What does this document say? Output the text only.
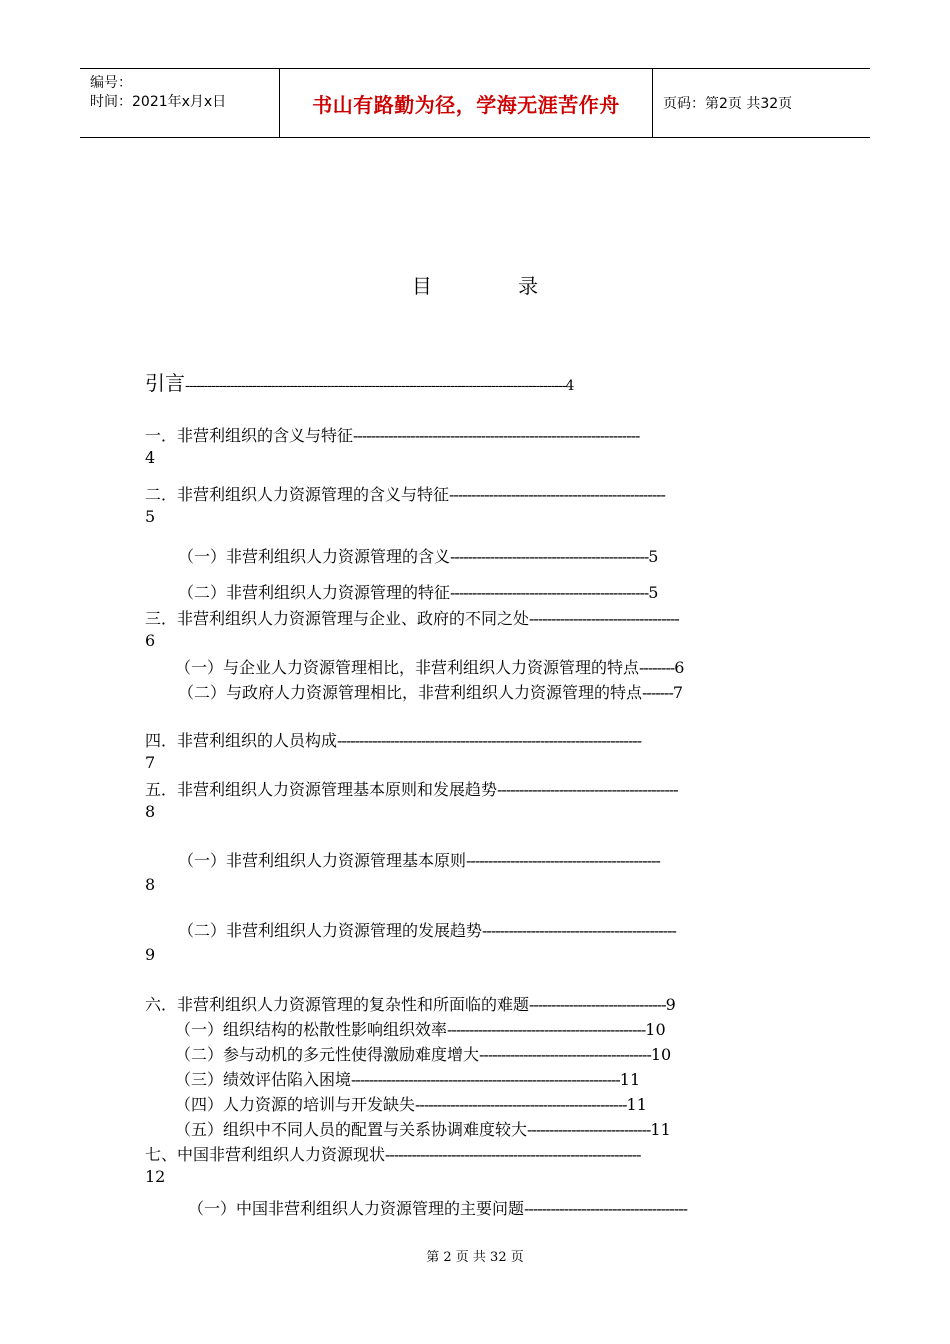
编号：
时间：2021年x月x日	书山有路勤为径，学海无涯苦作舟	页码：第2页 共32页
目 录
引言------------------------------------------------------------------------------------------------------4
一．非营利组织的含义与特征-----------------------------------------------------------------
4
二．非营利组织人力资源管理的含义与特征-------------------------------------------------
5
（一）非营利组织人力资源管理的含义---------------------------------------------5
（二）非营利组织人力资源管理的特征---------------------------------------------5
三．非营利组织人力资源管理与企业、政府的不同之处----------------------------------
6
（一）与企业人力资源管理相比，非营利组织人力资源管理的特点--------6
（二）与政府人力资源管理相比，非营利组织人力资源管理的特点-------7
四．非营利组织的人员构成---------------------------------------------------------------------
7
五．非营利组织人力资源管理基本原则和发展趋势-----------------------------------------
8
（一）非营利组织人力资源管理基本原则--------------------------------------------
8
（二）非营利组织人力资源管理的发展趋势--------------------------------------------
9
六．非营利组织人力资源管理的复杂性和所面临的难题-------------------------------9
（一）组织结构的松散性影响组织效率---------------------------------------------10
（二）参与动机的多元性使得激励难度增大---------------------------------------10
（三）绩效评估陷入困境-------------------------------------------------------------11
（四）人力资源的培训与开发缺失------------------------------------------------11
（五）组织中不同人员的配置与关系协调难度较大----------------------------11
七、中国非营利组织人力资源现状----------------------------------------------------------
12
（一）中国非营利组织人力资源管理的主要问题-------------------------------------
第 2 页 共 32 页
